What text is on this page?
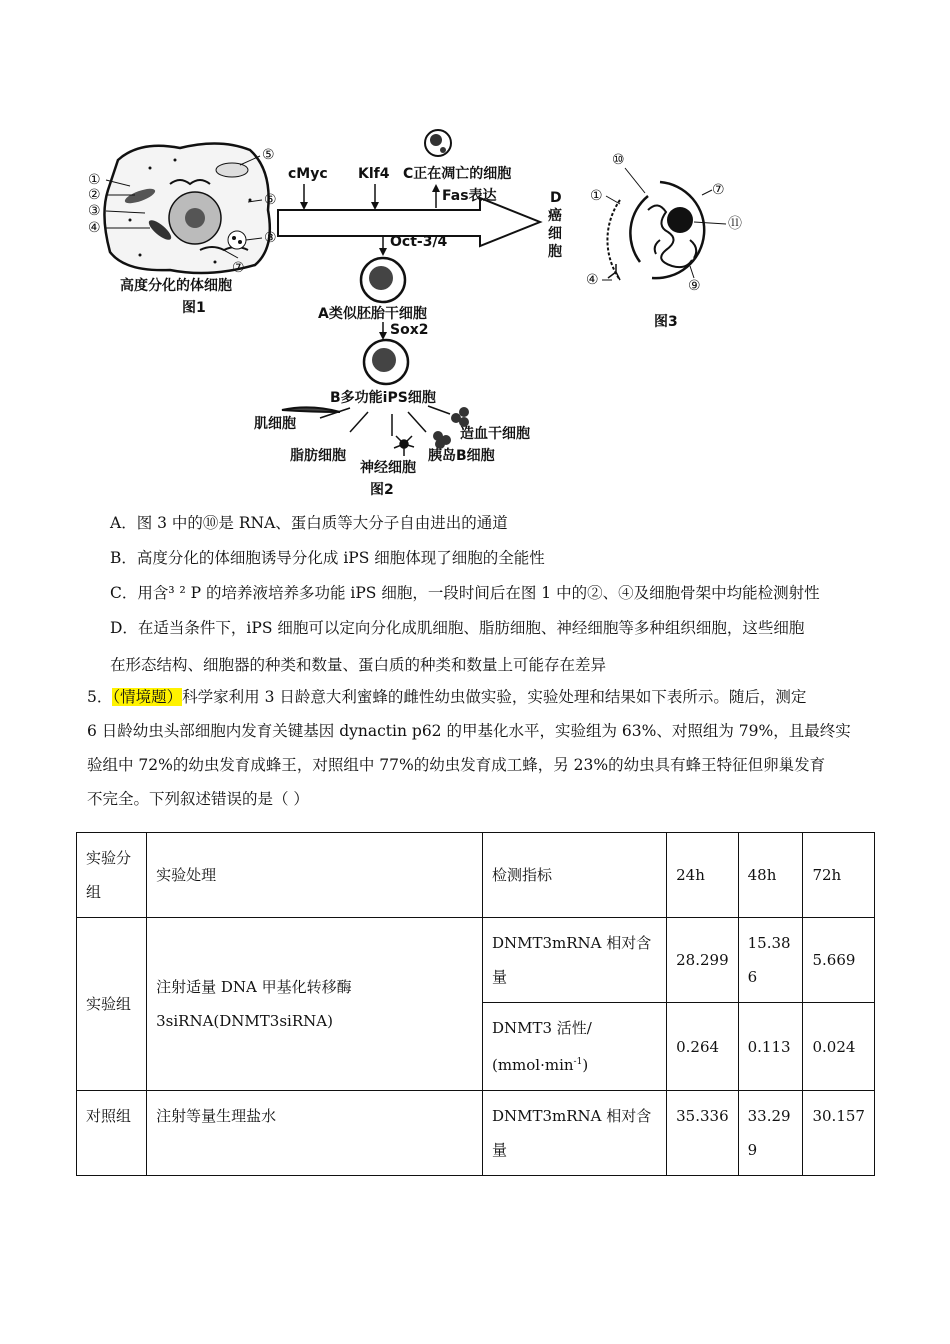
①
②
③
④
⑤
⑥
⑧
⑦
高度分化的体细胞
图1
cMyc Klf4 C正在凋亡的细胞
Fas表达	D
癌
细
胞
Oct-3/4
A类似胚胎干细胞
Sox2
B多功能iPS细胞
肌细胞
造血干细胞
脂肪细胞	胰岛B细胞
神经细胞
图2
⑩
①	⑦
⑪
④	⑨
图3
A．图 3 中的⑩是 RNA、蛋白质等大分子自由进出的通道
B．高度分化的体细胞诱导分化成 iPS 细胞体现了细胞的全能性
C．用含³ ² P 的培养液培养多功能 iPS 细胞，一段时间后在图 1 中的②、④及细胞骨架中均能检测射性
D．在适当条件下，iPS 细胞可以定向分化成肌细胞、脂肪细胞、神经细胞等多种组织细胞，这些细胞
在形态结构、细胞器的种类和数量、蛋白质的种类和数量上可能存在差异
5．（情境题）科学家利用 3 日龄意大利蜜蜂的雌性幼虫做实验，实验处理和结果如下表所示。随后，测定
6 日龄幼虫头部细胞内发育关键基因 dynactin p62 的甲基化水平，实验组为 63%、对照组为 79%，且最终实
验组中 72%的幼虫发育成蜂王，对照组中 77%的幼虫发育成工蜂，另 23%的幼虫具有蜂王特征但卵巢发育
不完全。下列叙述错误的是（ ）
实验分组	实验处理	检测指标	24h	48h	72h
实验组	注射适量 DNA 甲基化转移酶
3siRNA(DNMT3siRNA)	DNMT3mRNA 相对含量	28.299	15.386	5.669

		DNMT3 活性/
$(mmol\cdot\min^{-1})$	0.264	0.113	0.024
对照组	注射等量生理盐水	DNMT3mRNA 相对含量	35.336	33.299	30.157
